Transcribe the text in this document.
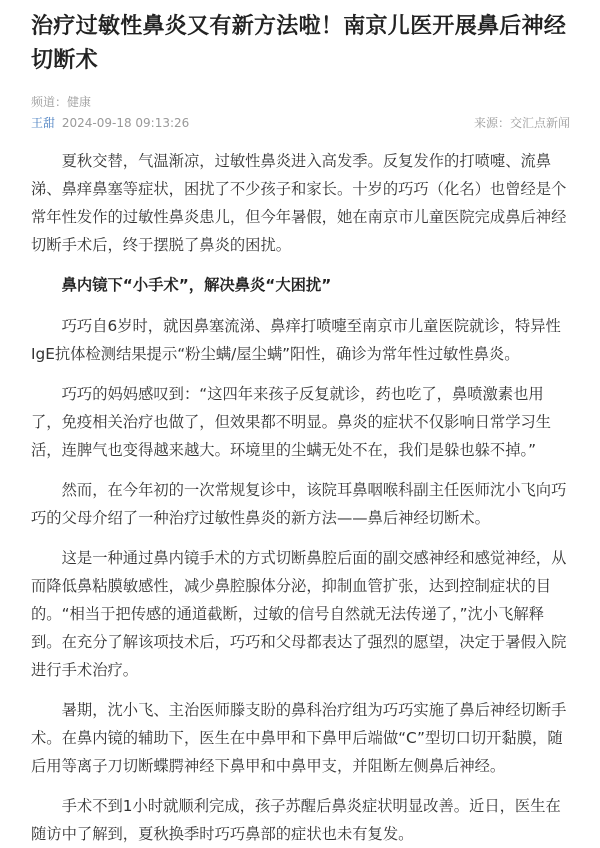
治疗过敏性鼻炎又有新方法啦！南京儿医开展鼻后神经切断术
频道：健康
王甜 2024-09-18 09:13:26	来源：交汇点新闻

夏秋交替，气温渐凉，过敏性鼻炎进入高发季。反复发作的打喷嚏、流鼻涕、鼻痒鼻塞等症状，困扰了不少孩子和家长。十岁的巧巧（化名）也曾经是个常年性发作的过敏性鼻炎患儿，但今年暑假，她在南京市儿童医院完成鼻后神经切断手术后，终于摆脱了鼻炎的困扰。

鼻内镜下“小手术”，解决鼻炎“大困扰”

巧巧自6岁时，就因鼻塞流涕、鼻痒打喷嚏至南京市儿童医院就诊，特异性IgE抗体检测结果提示“粉尘螨/屋尘螨”阳性，确诊为常年性过敏性鼻炎。

巧巧的妈妈感叹到：“这四年来孩子反复就诊，药也吃了，鼻喷激素也用了，免疫相关治疗也做了，但效果都不明显。鼻炎的症状不仅影响日常学习生活，连脾气也变得越来越大。环境里的尘螨无处不在，我们是躲也躲不掉。”

然而，在今年初的一次常规复诊中，该院耳鼻咽喉科副主任医师沈小飞向巧巧的父母介绍了一种治疗过敏性鼻炎的新方法——鼻后神经切断术。

这是一种通过鼻内镜手术的方式切断鼻腔后面的副交感神经和感觉神经，从而降低鼻粘膜敏感性，减少鼻腔腺体分泌，抑制血管扩张，达到控制症状的目的。“相当于把传感的通道截断，过敏的信号自然就无法传递了，”沈小飞解释到。在充分了解该项技术后，巧巧和父母都表达了强烈的愿望，决定于暑假入院进行手术治疗。

暑期，沈小飞、主治医师滕支盼的鼻科治疗组为巧巧实施了鼻后神经切断手术。在鼻内镜的辅助下，医生在中鼻甲和下鼻甲后端做“C”型切口切开黏膜，随后用等离子刀切断蝶腭神经下鼻甲和中鼻甲支，并阻断左侧鼻后神经。

手术不到1小时就顺利完成，孩子苏醒后鼻炎症状明显改善。近日，医生在随访中了解到，夏秋换季时巧巧鼻部的症状也未有复发。
